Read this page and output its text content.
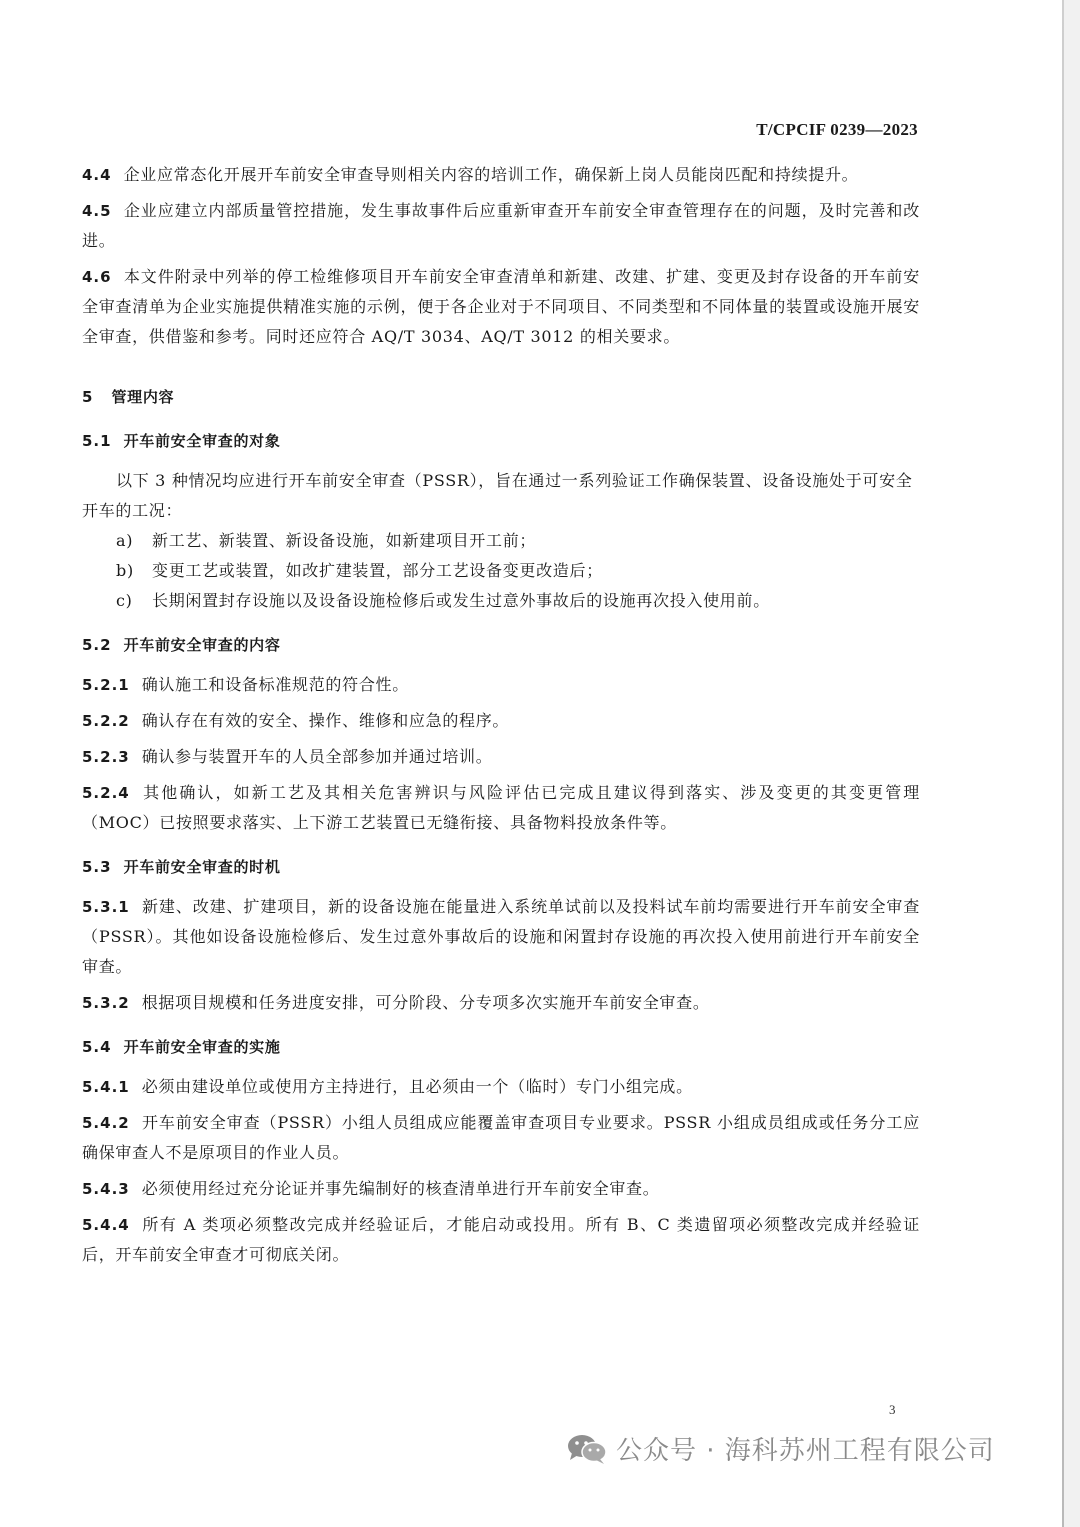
T/CPCIF 0239—2023

4.4 企业应常态化开展开车前安全审查导则相关内容的培训工作，确保新上岗人员能岗匹配和持续提升。

4.5 企业应建立内部质量管控措施，发生事故事件后应重新审查开车前安全审查管理存在的问题，及时完善和改进。

4.6 本文件附录中列举的停工检维修项目开车前安全审查清单和新建、改建、扩建、变更及封存设备的开车前安全审查清单为企业实施提供精准实施的示例，便于各企业对于不同项目、不同类型和不同体量的装置或设施开展安全审查，供借鉴和参考。同时还应符合 AQ/T 3034、AQ/T 3012 的相关要求。

5 管理内容
5.1 开车前安全审查的对象

以下 3 种情况均应进行开车前安全审查（PSSR），旨在通过一系列验证工作确保装置、设备设施处于可安全开车的工况：

a) 新工艺、新装置、新设备设施，如新建项目开工前；

b) 变更工艺或装置，如改扩建装置，部分工艺设备变更改造后；

c) 长期闲置封存设施以及设备设施检修后或发生过意外事故后的设施再次投入使用前。

5.2 开车前安全审查的内容

5.2.1 确认施工和设备标准规范的符合性。

5.2.2 确认存在有效的安全、操作、维修和应急的程序。

5.2.3 确认参与装置开车的人员全部参加并通过培训。

5.2.4 其他确认，如新工艺及其相关危害辨识与风险评估已完成且建议得到落实、涉及变更的其变更管理（MOC）已按照要求落实、上下游工艺装置已无缝衔接、具备物料投放条件等。

5.3 开车前安全审查的时机

5.3.1 新建、改建、扩建项目，新的设备设施在能量进入系统单试前以及投料试车前均需要进行开车前安全审查（PSSR）。其他如设备设施检修后、发生过意外事故后的设施和闲置封存设施的再次投入使用前进行开车前安全审查。

5.3.2 根据项目规模和任务进度安排，可分阶段、分专项多次实施开车前安全审查。

5.4 开车前安全审查的实施

5.4.1 必须由建设单位或使用方主持进行，且必须由一个（临时）专门小组完成。

5.4.2 开车前安全审查（PSSR）小组人员组成应能覆盖审查项目专业要求。PSSR 小组成员组成或任务分工应确保审查人不是原项目的作业人员。

5.4.3 必须使用经过充分论证并事先编制好的核查清单进行开车前安全审查。

5.4.4 所有 A 类项必须整改完成并经验证后，才能启动或投用。所有 B、C 类遗留项必须整改完成并经验证后，开车前安全审查才可彻底关闭。

3
公众号 · 海科苏州工程有限公司
